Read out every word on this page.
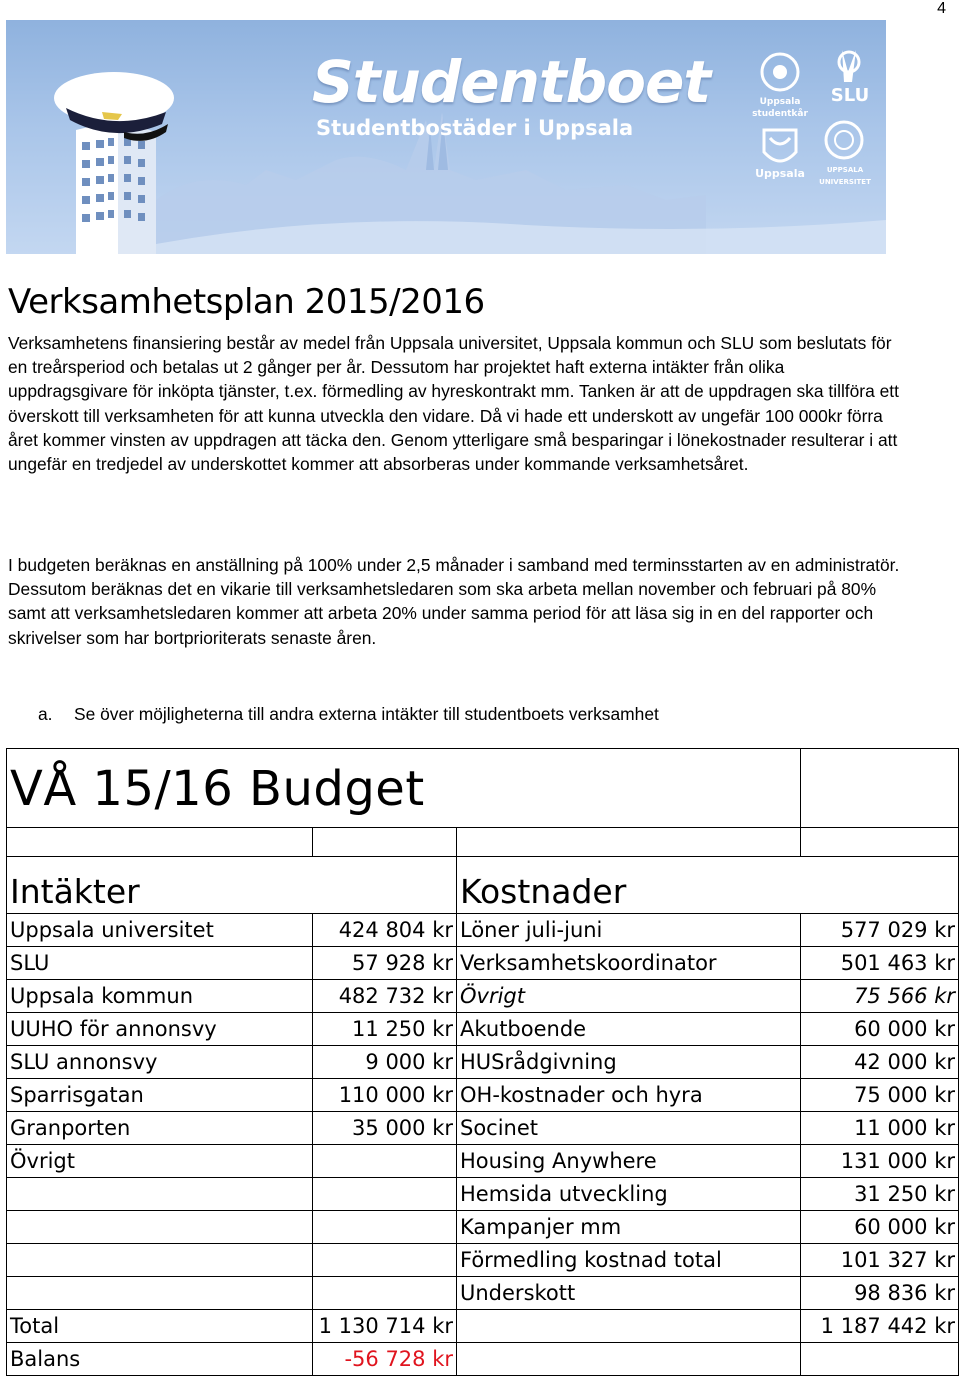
4
Studentboet
Studentbostäder i Uppsala
Uppsala studentkår
SLU
Uppsala	UPPSALA UNIVERSITET
Verksamhetsplan 2015/2016

Verksamhetens finansiering består av medel från Uppsala universitet, Uppsala kommun och SLU som beslutats för en treårsperiod och betalas ut 2 gånger per år. Dessutom har projektet haft externa intäkter från olika uppdragsgivare för inköpta tjänster, t.ex. förmedling av hyreskontrakt mm. Tanken är att de uppdragen ska tillföra ett överskott till verksamheten för att kunna utveckla den vidare. Då vi hade ett underskott av ungefär 100 000kr förra året kommer vinsten av uppdragen att täcka den. Genom ytterligare små besparingar i lönekostnader resulterar i att ungefär en tredjedel av underskottet kommer att absorberas under kommande verksamhetsåret.

I budgeten beräknas en anställning på 100% under 2,5 månader i samband med terminsstarten av en administratör. Dessutom beräknas det en vikarie till verksamhetsledaren som ska arbeta mellan november och februari på 80% samt att verksamhetsledaren kommer att arbeta 20% under samma period för att läsa sig in en del rapporter och skrivelser som har bortprioriterats senaste åren.

a. Se över möjligheterna till andra externa intäkter till studentboets verksamhet
VÅ 15/16 Budget			

Intäkter		Kostnader	
Uppsala universitet	424 804 kr	Löner juli-juni	577 029 kr
SLU	57 928 kr	Verksamhetskoordinator	501 463 kr
Uppsala kommun	482 732 kr	Övrigt	75 566 kr
UUHO för annonsvy	11 250 kr	Akutboende	60 000 kr
SLU annonsvy	9 000 kr	HUSrådgivning	42 000 kr
Sparrisgatan	110 000 kr	OH-kostnader och hyra	75 000 kr
Granporten	35 000 kr	Socinet	11 000 kr
Övrigt		Housing Anywhere	131 000 kr
		Hemsida utveckling	31 250 kr
		Kampanjer mm	60 000 kr
		Förmedling kostnad total	101 327 kr
		Underskott	98 836 kr
Total	1 130 714 kr		1 187 442 kr
Balans	-56 728 kr		
